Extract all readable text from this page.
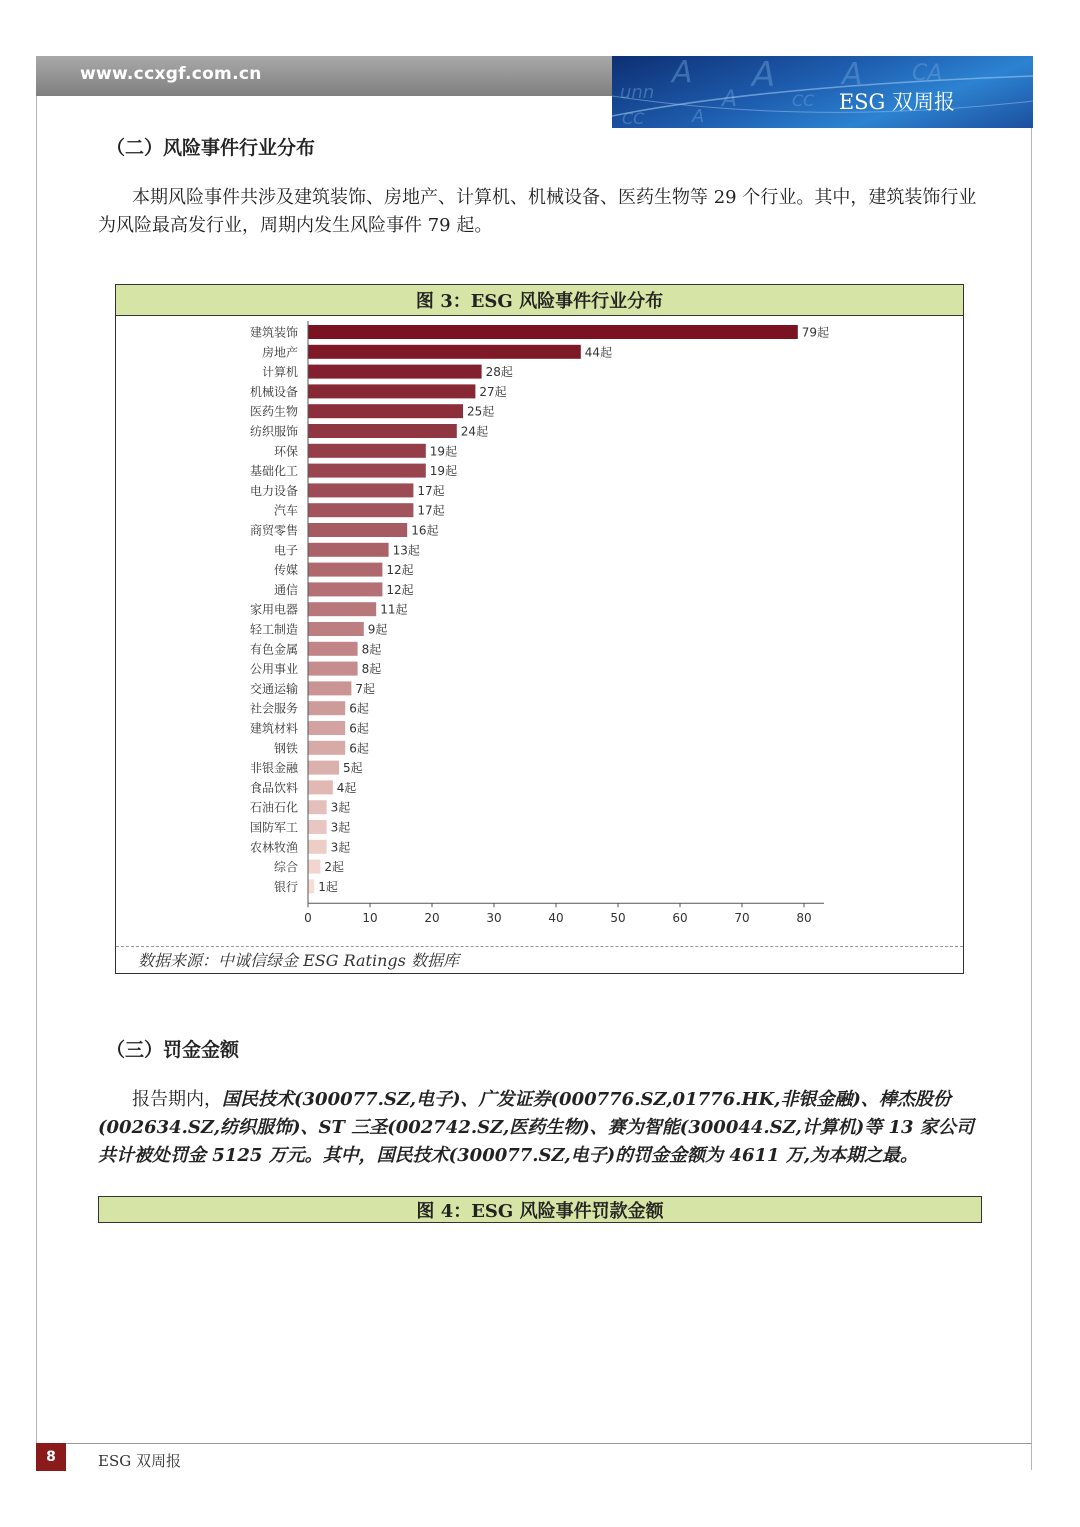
www.ccxgf.com.cn	A A A CA
unn	A
A
CC
CC ESG 双周报
（二）风险事件行业分布

本期风险事件共涉及建筑装饰、房地产、计算机、机械设备、医药生物等 29 个行业。其中，建筑装饰行业为风险最高发行业，周期内发生风险事件 79 起。

图 3：ESG 风险事件行业分布
建筑装饰	79起
房地产	44起
计算机	28起
机械设备	27起
医药生物	25起
纺织服饰	24起
环保	19起
基础化工	19起
电力设备	17起
汽车	17起
商贸零售	16起
电子	13起
传媒	12起
通信	12起
家用电器	11起
轻工制造	9起
有色金属	8起
公用事业	8起
交通运输	7起
社会服务	6起
建筑材料	6起
钢铁	6起
非银金融	5起
食品饮料	4起
石油石化	3起
国防军工	3起
农林牧渔	3起
综合 2起
银行 1起
0	10	20	30	40	50	60	70	80
数据来源：中诚信绿金 ESG Ratings 数据库
（三）罚金金额

报告期内，国民技术(300077.SZ,电子)、广发证券(000776.SZ,01776.HK,非银金融)、棒杰股份(002634.SZ,纺织服饰)、ST 三圣(002742.SZ,医药生物)、赛为智能(300044.SZ,计算机)等 13 家公司共计被处罚金 5125 万元。其中，国民技术(300077.SZ,电子)的罚金金额为 4611 万,为本期之最。

图 4：ESG 风险事件罚款金额
8	ESG 双周报
